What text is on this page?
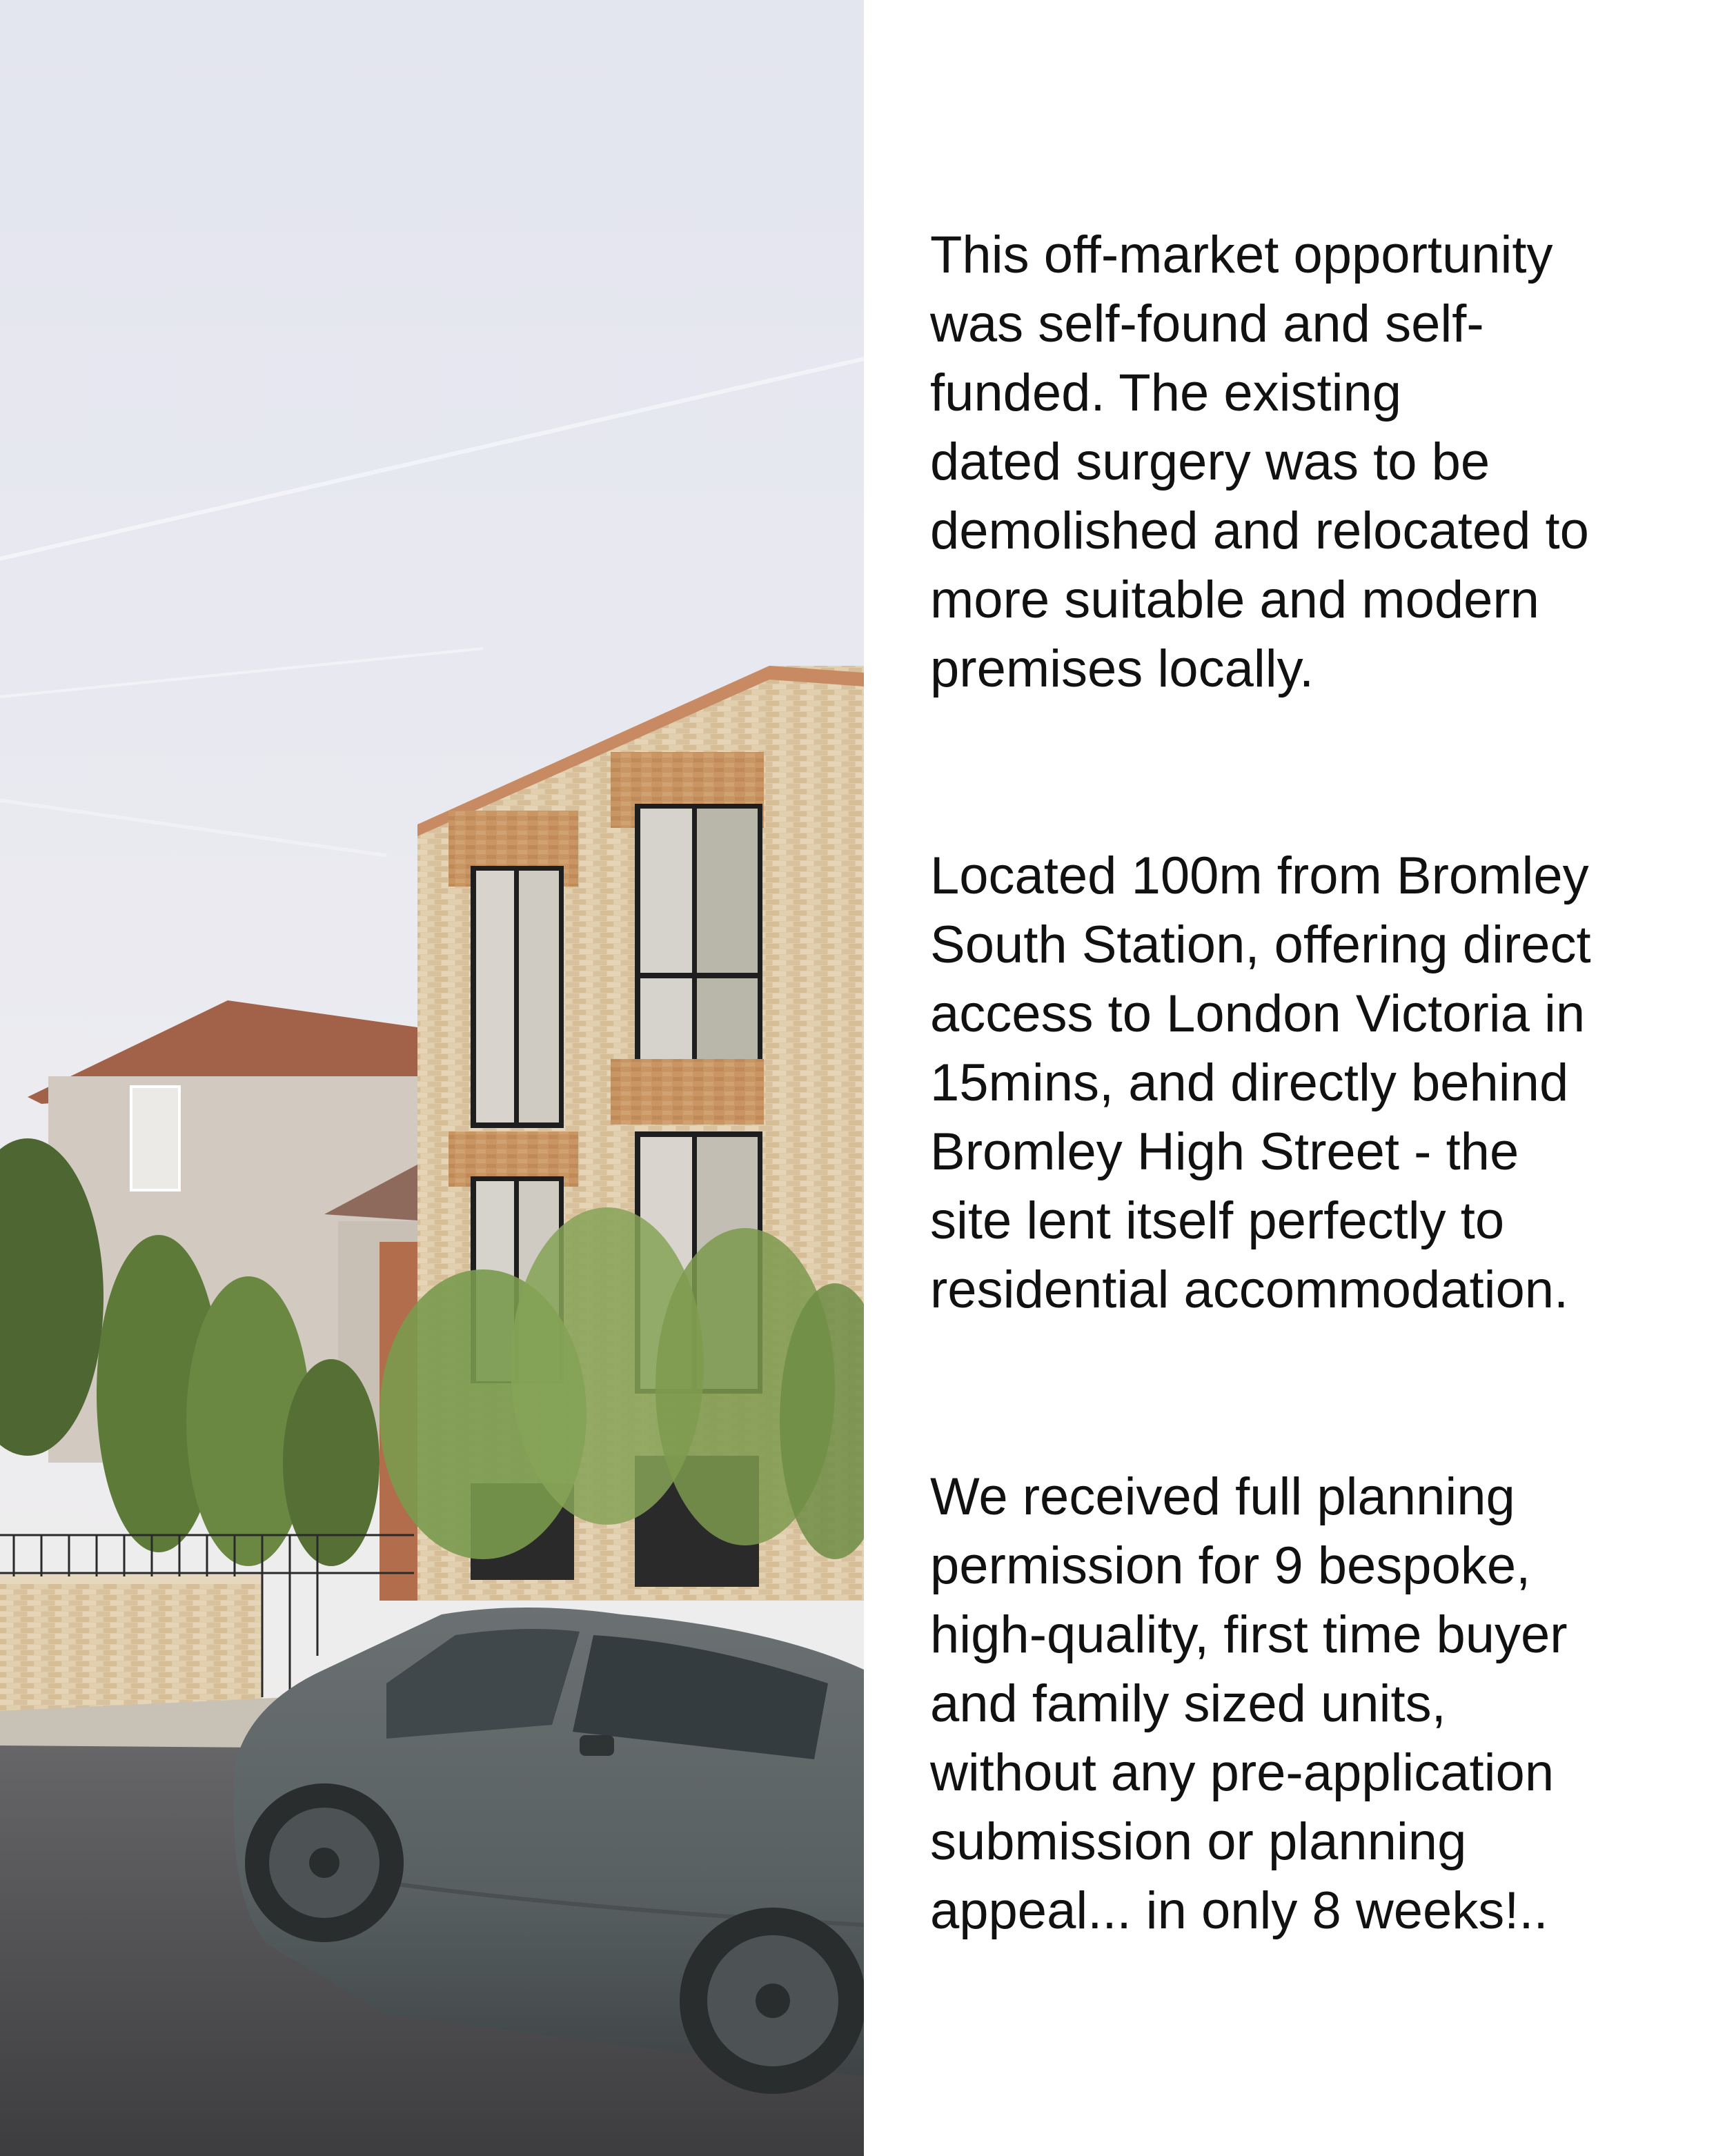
This off-market opportunity
was self-found and self-
funded. The existing
dated surgery was to be
demolished and relocated to
more suitable and modern
premises locally.

Located 100m from Bromley
South Station, offering direct
access to London Victoria in
15mins, and directly behind
Bromley High Street - the
site lent itself perfectly to
residential accommodation.

We received full planning
permission for 9 bespoke,
high-quality, first time buyer
and family sized units,
without any pre-application
submission or planning
appeal... in only 8 weeks!..
